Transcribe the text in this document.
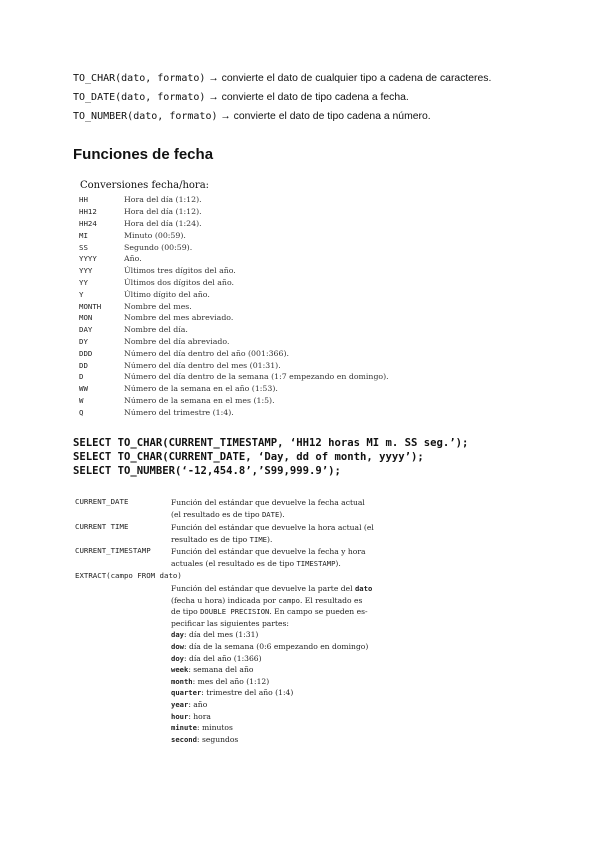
TO_CHAR(dato, formato) → convierte el dato de cualquier tipo a cadena de caracteres.
TO_DATE(dato, formato) → convierte el dato de tipo cadena a fecha.
TO_NUMBER(dato, formato) → convierte el dato de tipo cadena a número.
Funciones de fecha
Conversiones fecha/hora:
HH	Hora del día (1:12).
HH12	Hora del día (1:12).
HH24	Hora del día (1:24).
MI	Minuto (00:59).
SS	Segundo (00:59).
YYYY	Año.
YYY	Últimos tres dígitos del año.
YY	Últimos dos dígitos del año.
Y	Último dígito del año.
MONTH	Nombre del mes.
MON	Nombre del mes abreviado.
DAY	Nombre del día.
DY	Nombre del día abreviado.
DDD	Número del día dentro del año (001:366).
DD	Número del día dentro del mes (01:31).
D	Número del día dentro de la semana (1:7 empezando en domingo).
WW	Número de la semana en el año (1:53).
W	Número de la semana en el mes (1:5).
Q	Número del trimestre (1:4).
SELECT TO_CHAR(CURRENT_TIMESTAMP, ‘HH12 horas MI m. SS seg.’);
SELECT TO_CHAR(CURRENT_DATE, ‘Day, dd of month, yyyy’);
SELECT TO_NUMBER(‘-12,454.8’,’S99,999.9’);
CURRENT_DATE	Función del estándar que devuelve la fecha actual
(el resultado es de tipo DATE).
CURRENT TIME	Función del estándar que devuelve la hora actual (el
resultado es de tipo TIME).
CURRENT_TIMESTAMP	Función del estándar que devuelve la fecha y hora
actuales (el resultado es de tipo TIMESTAMP).
EXTRACT(campo FROM dato)
Función del estándar que devuelve la parte del dato
(fecha u hora) indicada por campo. El resultado es
de tipo DOUBLE PRECISION. En campo se pueden es-
pecificar las siguientes partes:
day: día del mes (1:31)
dow: día de la semana (0:6 empezando en domingo)
doy: día del año (1:366)
week: semana del año
month: mes del año (1:12)
quarter: trimestre del año (1:4)
year: año
hour: hora
minute: minutos
second: segundos
